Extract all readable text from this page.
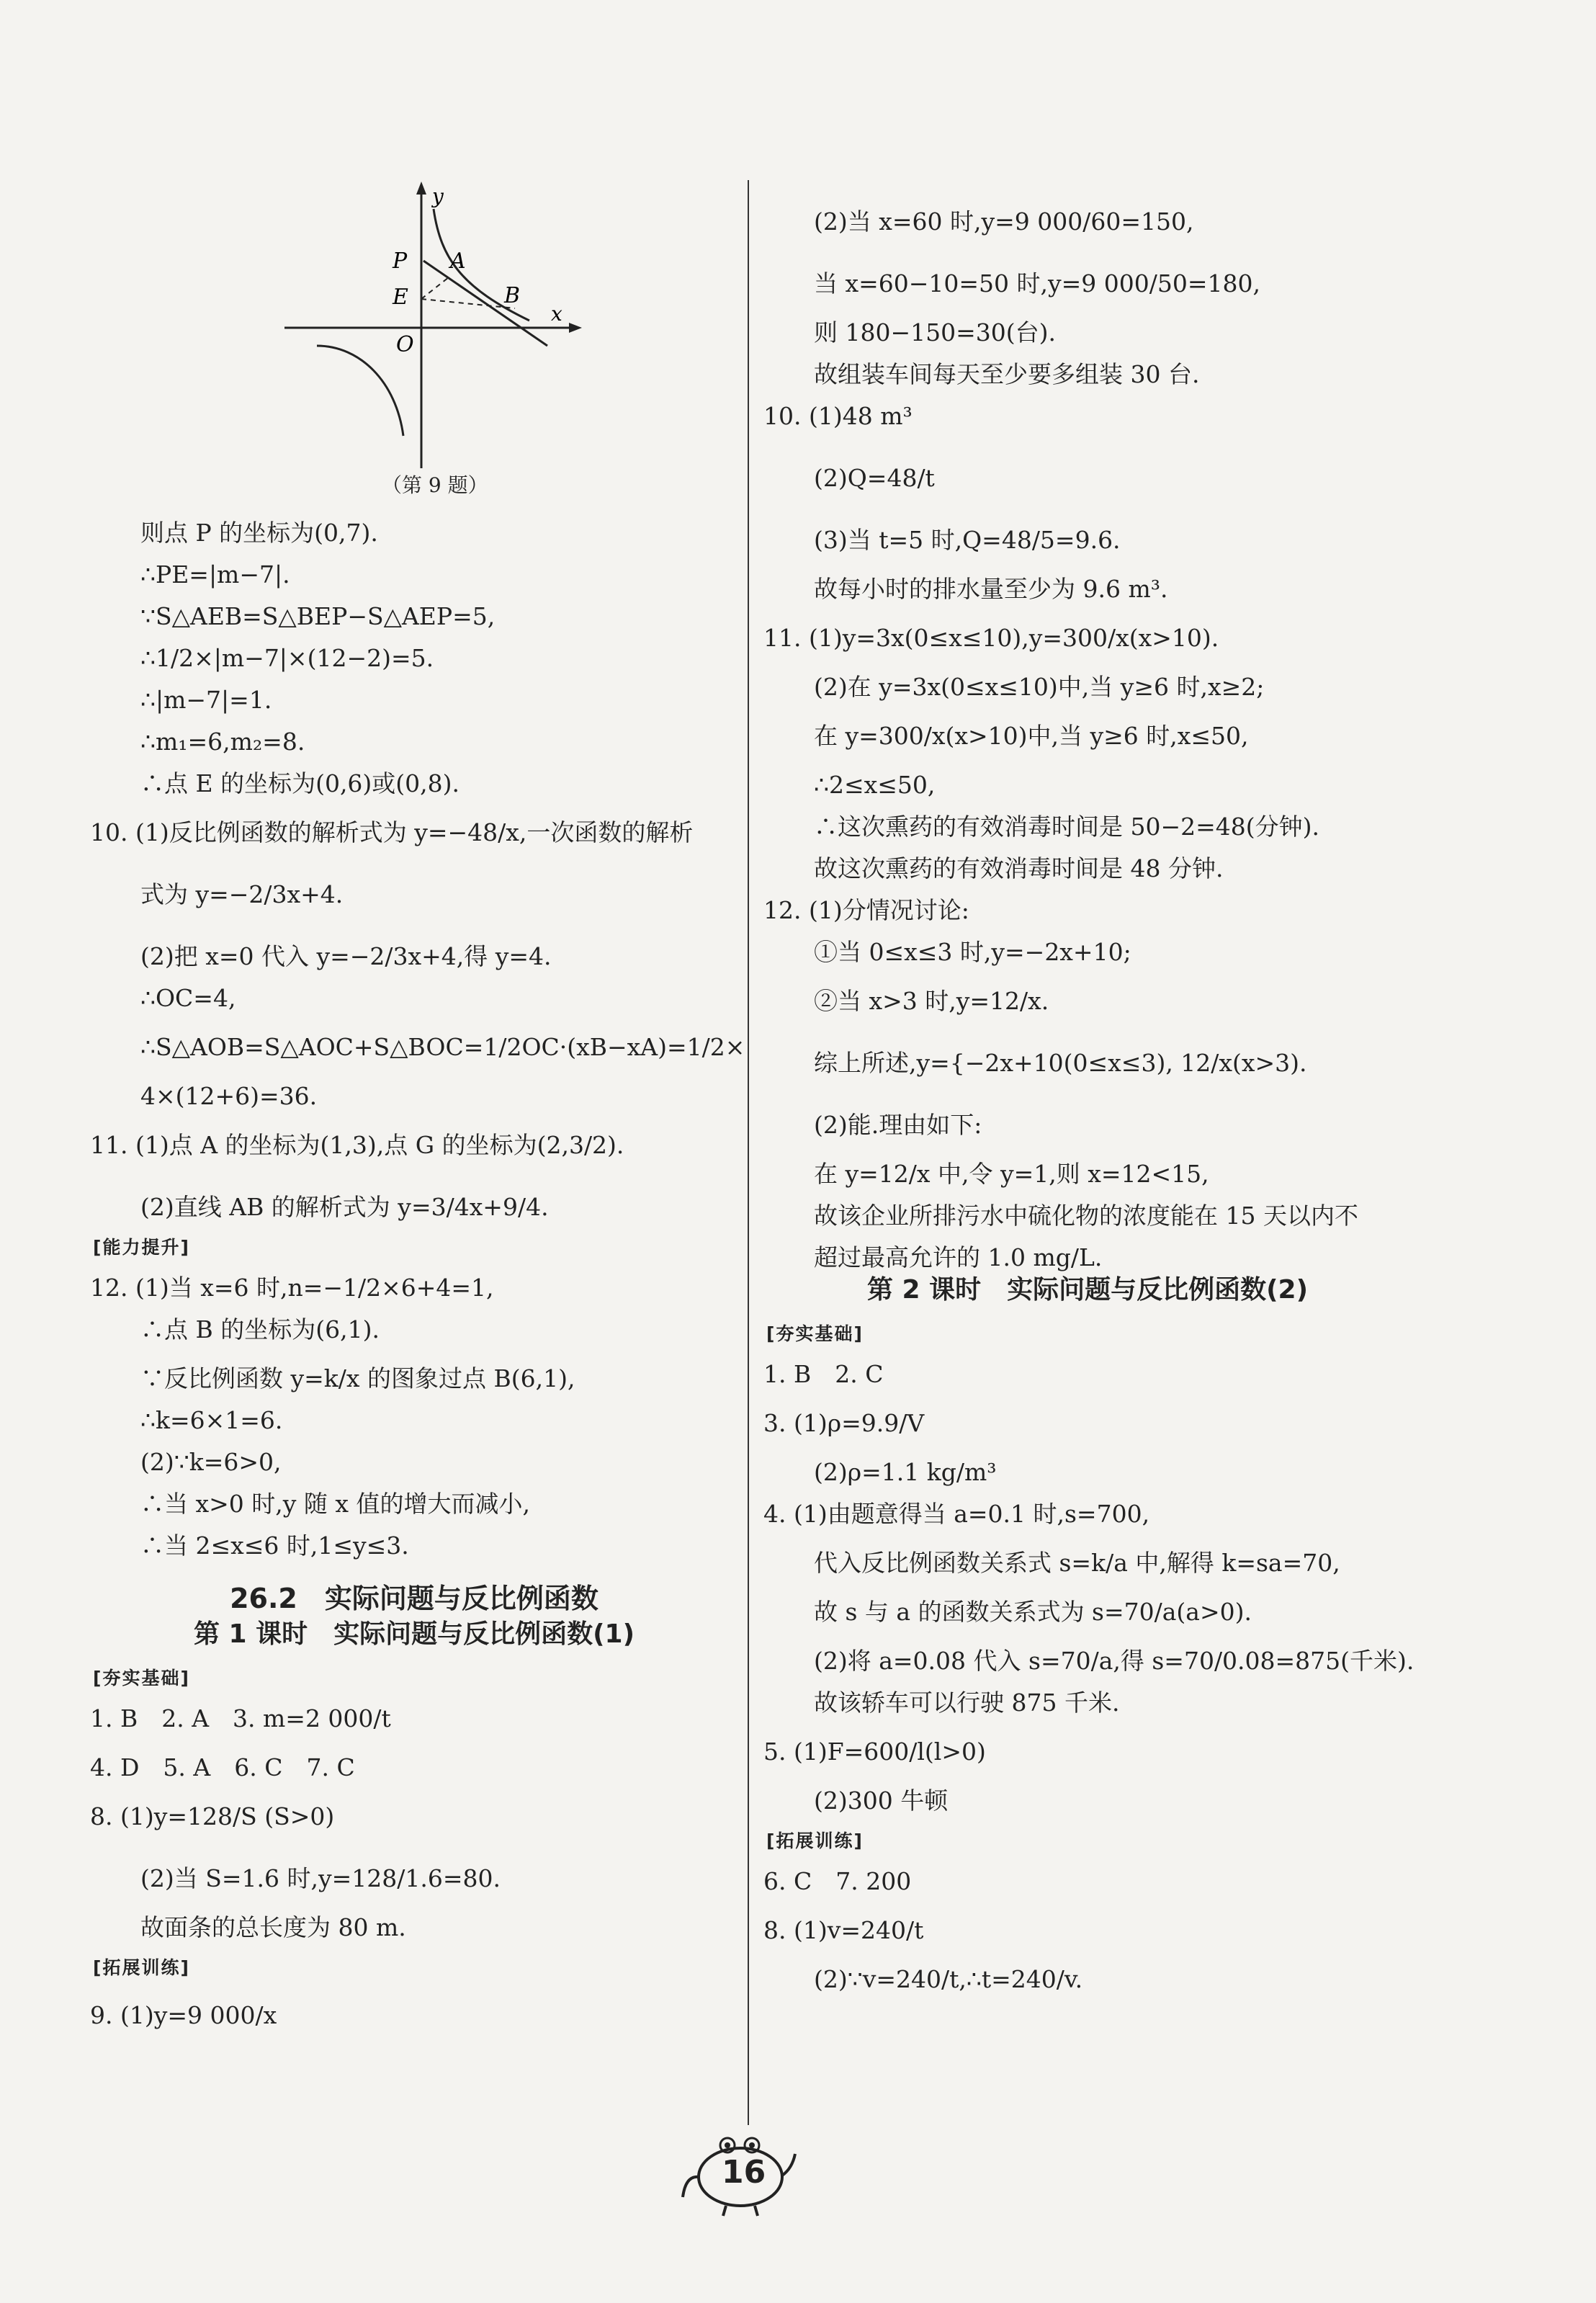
y
x
P A
E	B
O
（第 9 题）
则点 P 的坐标为(0,7).
∴PE=|m−7|.
∵S△AEB=S△BEP−S△AEP=5,
∴1/2×|m−7|×(12−2)=5.
∴|m−7|=1.
∴m₁=6,m₂=8.
∴点 E 的坐标为(0,6)或(0,8).
10. (1)反比例函数的解析式为 y=−48/x,一次函数的解析
式为 y=−2/3x+4.
(2)把 x=0 代入 y=−2/3x+4,得 y=4.
∴OC=4,
∴S△AOB=S△AOC+S△BOC=1/2OC·(xB−xA)=1/2×
4×(12+6)=36.
11. (1)点 A 的坐标为(1,3),点 G 的坐标为(2,3/2).
(2)直线 AB 的解析式为 y=3/4x+9/4.
[ 能力提升 ]
12. (1)当 x=6 时,n=−1/2×6+4=1,
∴点 B 的坐标为(6,1).
∵反比例函数 y=k/x 的图象过点 B(6,1),
∴k=6×1=6.
(2)∵k=6>0,
∴当 x>0 时,y 随 x 值的增大而减小,
∴当 2≤x≤6 时,1≤y≤3.
26.2　实际问题与反比例函数
第 1 课时　实际问题与反比例函数(1)
[ 夯实基础 ]
1. B　2. A　3. m=2 000/t
4. D　5. A　6. C　7. C
8. (1)y=128/S (S>0)
(2)当 S=1.6 时,y=128/1.6=80.
故面条的总长度为 80 m.
[ 拓展训练 ]
9. (1)y=9 000/x
(2)当 x=60 时,y=9 000/60=150,
当 x=60−10=50 时,y=9 000/50=180,
则 180−150=30(台).
故组装车间每天至少要多组装 30 台.
10. (1)48 m³
(2)Q=48/t
(3)当 t=5 时,Q=48/5=9.6.
故每小时的排水量至少为 9.6 m³.
11. (1)y=3x(0≤x≤10),y=300/x(x>10).
(2)在 y=3x(0≤x≤10)中,当 y≥6 时,x≥2;
在 y=300/x(x>10)中,当 y≥6 时,x≤50,
∴2≤x≤50,
∴这次熏药的有效消毒时间是 50−2=48(分钟).
故这次熏药的有效消毒时间是 48 分钟.
12. (1)分情况讨论:
①当 0≤x≤3 时,y=−2x+10;
②当 x>3 时,y=12/x.
综上所述,y={−2x+10(0≤x≤3), 12/x(x>3).
(2)能.理由如下:
在 y=12/x 中,令 y=1,则 x=12<15,
故该企业所排污水中硫化物的浓度能在 15 天以内不
超过最高允许的 1.0 mg/L.
第 2 课时　实际问题与反比例函数(2)
[ 夯实基础 ]
1. B　2. C
3. (1)ρ=9.9/V
(2)ρ=1.1 kg/m³
4. (1)由题意得当 a=0.1 时,s=700,
代入反比例函数关系式 s=k/a 中,解得 k=sa=70,
故 s 与 a 的函数关系式为 s=70/a(a>0).
(2)将 a=0.08 代入 s=70/a,得 s=70/0.08=875(千米).
故该轿车可以行驶 875 千米.
5. (1)F=600/l(l>0)
(2)300 牛顿
[ 拓展训练 ]
6. C　7. 200
8. (1)v=240/t
(2)∵v=240/t,∴t=240/v.
16
